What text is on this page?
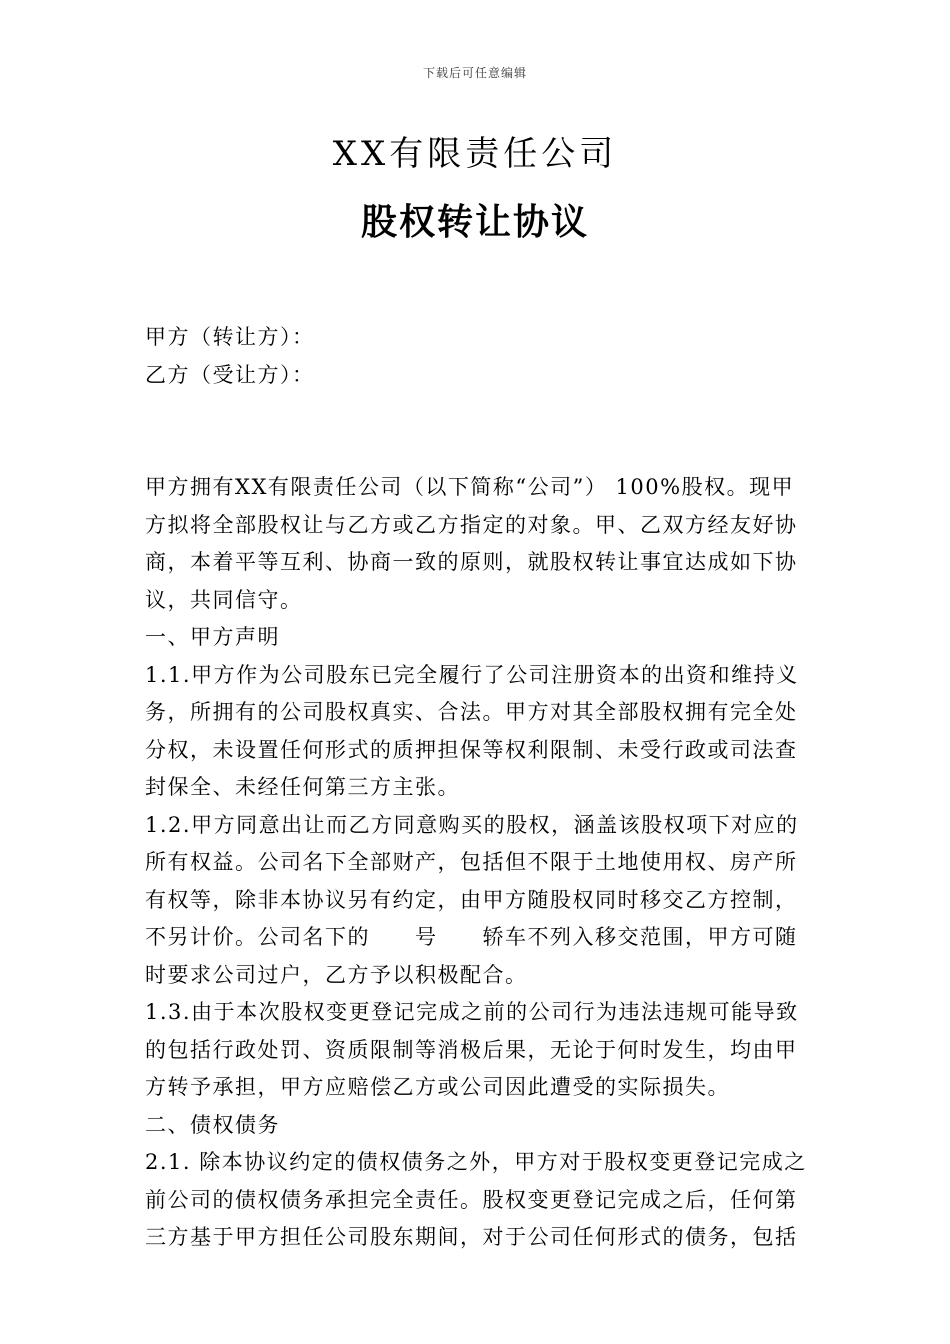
下载后可任意编辑
XX有限责任公司
股权转让协议
甲方（转让方）：
乙方（受让方）：
甲方拥有XX有限责任公司（以下简称“公司”） 100%股权。现甲
方拟将全部股权让与乙方或乙方指定的对象。甲、乙双方经友好协
商，本着平等互利、协商一致的原则，就股权转让事宜达成如下协
议，共同信守。
一、甲方声明
1.1.甲方作为公司股东已完全履行了公司注册资本的出资和维持义
务，所拥有的公司股权真实、合法。甲方对其全部股权拥有完全处
分权，未设置任何形式的质押担保等权利限制、未受行政或司法查
封保全、未经任何第三方主张。
1.2.甲方同意出让而乙方同意购买的股权，涵盖该股权项下对应的
所有权益。公司名下全部财产，包括但不限于土地使用权、房产所
有权等，除非本协议另有约定，由甲方随股权同时移交乙方控制，
不另计价。公司名下的　　号　　轿车不列入移交范围，甲方可随
时要求公司过户，乙方予以积极配合。
1.3.由于本次股权变更登记完成之前的公司行为违法违规可能导致
的包括行政处罚、资质限制等消极后果，无论于何时发生，均由甲
方转予承担，甲方应赔偿乙方或公司因此遭受的实际损失。
二、债权债务
2.1. 除本协议约定的债权债务之外，甲方对于股权变更登记完成之
前公司的债权债务承担完全责任。股权变更登记完成之后，任何第
三方基于甲方担任公司股东期间，对于公司任何形式的债务，包括
